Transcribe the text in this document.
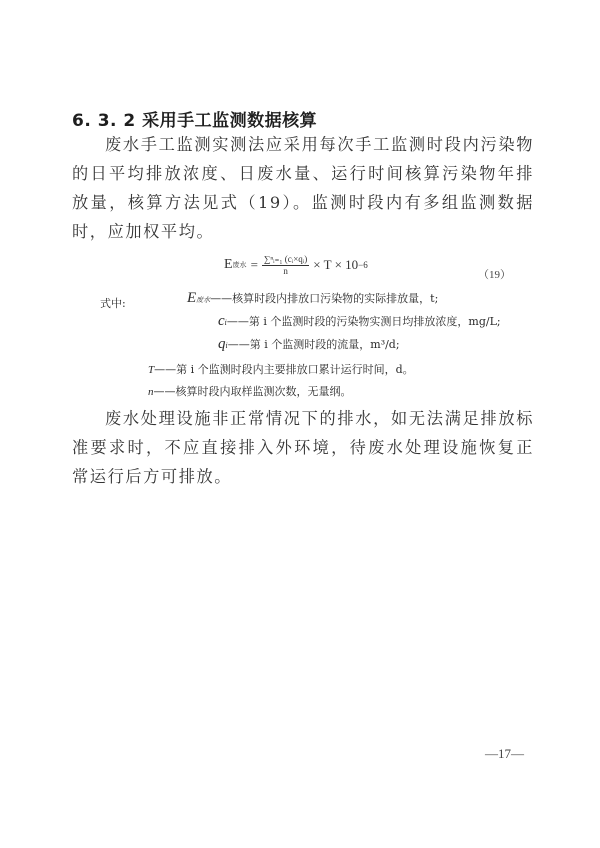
6. 3. 2 采用手工监测数据核算

废水手工监测实测法应采用每次手工监测时段内污染物的日平均排放浓度、日废水量、运行时间核算污染物年排放量，核算方法见式（19）。监测时段内有多组监测数据时，应加权平均。

E 废水 = $\frac{\text{∑ⁿᵢ₌₁ (cᵢ×qᵢ)}}{n} \times T \times 10 -6$
（19）
式中:	E废水——核算时段内排放口污染物的实际排放量，t;
ci——第 i 个监测时段的污染物实测日均排放浓度，mg/L;
qi——第 i 个监测时段的流量，m³/d;
T——第 i 个监测时段内主要排放口累计运行时间，d。
n——核算时段内取样监测次数，无量纲。

废水处理设施非正常情况下的排水，如无法满足排放标准要求时，不应直接排入外环境，待废水处理设施恢复正常运行后方可排放。

—17—
